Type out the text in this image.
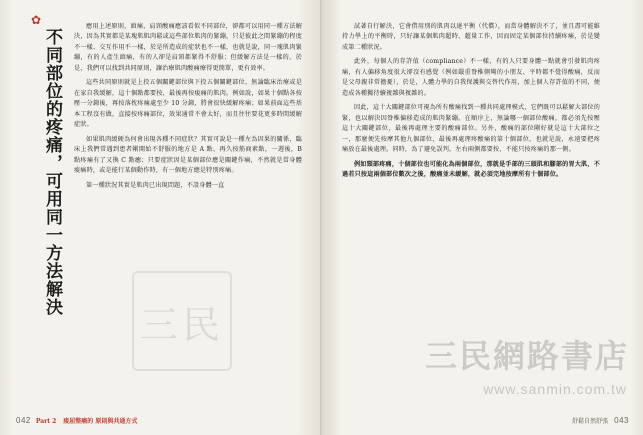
✿
不同部位的疼痛，可用同一方法解決

應用上述原則，頭痛、肩頸酸痛應該看似不同部位，卻都可以用同一種方法解決，因為其實都是某塊肌肌肉鬆或這些部位肌肉的緊繃，只是彼此之間緊繃的程度不一樣、交互作用不一樣，於是所造成的症狀也不一樣，也就是說，同一塊肌肉緊繃，有的人產生頭痛，有的人卻是肩頸都緊得不舒服；但緩解方法是一樣的，於是，我們可以找到共同原則，讓治療肌肉酸痛療得更簡單，更有效率。

這些共同原則就是上投五個關鍵部位與下投五個關鍵部位。無論臨床治療或是在家自我緩解，這十個點都要按，最後再按痠痛的肌肉。例如說，如果十個點各按壓一分鐘後，再按落枕疼痛處至少 10 分鐘，將會很快緩解疼痛；如果前面這些基本工程沒有做，直接按疼痛部位，效果通常不會太好，而且往往要花更多時間緩解症狀。

如果肌肉緩硬為何會出現各種不同症狀？其實可說是一種左為因果的關係，臨床上我們常遇到患者剛開始不舒服的地方是 A 點，再久按筋商素點，一週後，B 點疼痛有了又換 C 點癒；只要症狀因是某個部位應是關鍵作痛，不然就是當身體痠痛時，或是能行某個動作時，有一個地方總是特別疼痛。

第一種狀況其實是肌肉已出現問題，不設身體一直

三民
042 Part 2	痠屈整痛的 原則與共通方式

試著自行解決，它會借用別的肌肉以達平衡（代償），而當身體解決不了，並且盡可能維持力學上的平衡時，只好讓某個肌肉超時、超量工作，因而固定某個部位持續疼痛，於是變成第二種狀況。

此外，每個人的存許值（compliance）不一樣，有的人只要身體一點就會引發肌肉疼痛，有人偏移角度很大卻沒有感覺（例如嚴重脊椎側彎的小朋友、平時都不覺得酸痛，反而是父母親非常擔憂），於是，人體力學的自我保護與交替代作用，加上個人存許值的不同，便造成各種獨待續複雜與複雜的。

因此，這十大關鍵部位可視為所有酸痛找到一種共同處理模式，它們既可以鬆解大部位的緊，也以解決因脊椎偏移造成的肌肉緊繃。在順序上，無論哪一個部位酸痛，都必須先按壓這十大關鍵部位，最後再處理主要的酸痛部位。另外，酸痛的部位剛好就是這十大部位之一，那麼便先按摩其他九個部位，最後再處理疼酸痛的第十個部位，也就是說，永遠要把疼痛放在最後處理。同時，為了避免誤判，左右兩側都要按，不能只按疼痛的那一側。

例如頸部疼痛，十個部位也可能化為兩個部位，那就是手部的三頭肌和腳部的胃大肌，不過若只按這兩個部位數次之後，酸痛並未緩解，就必須完地按摩所有十個部位。

三民網路書店
www.sanmin.com.tw
舒鬆自然舒張 043
